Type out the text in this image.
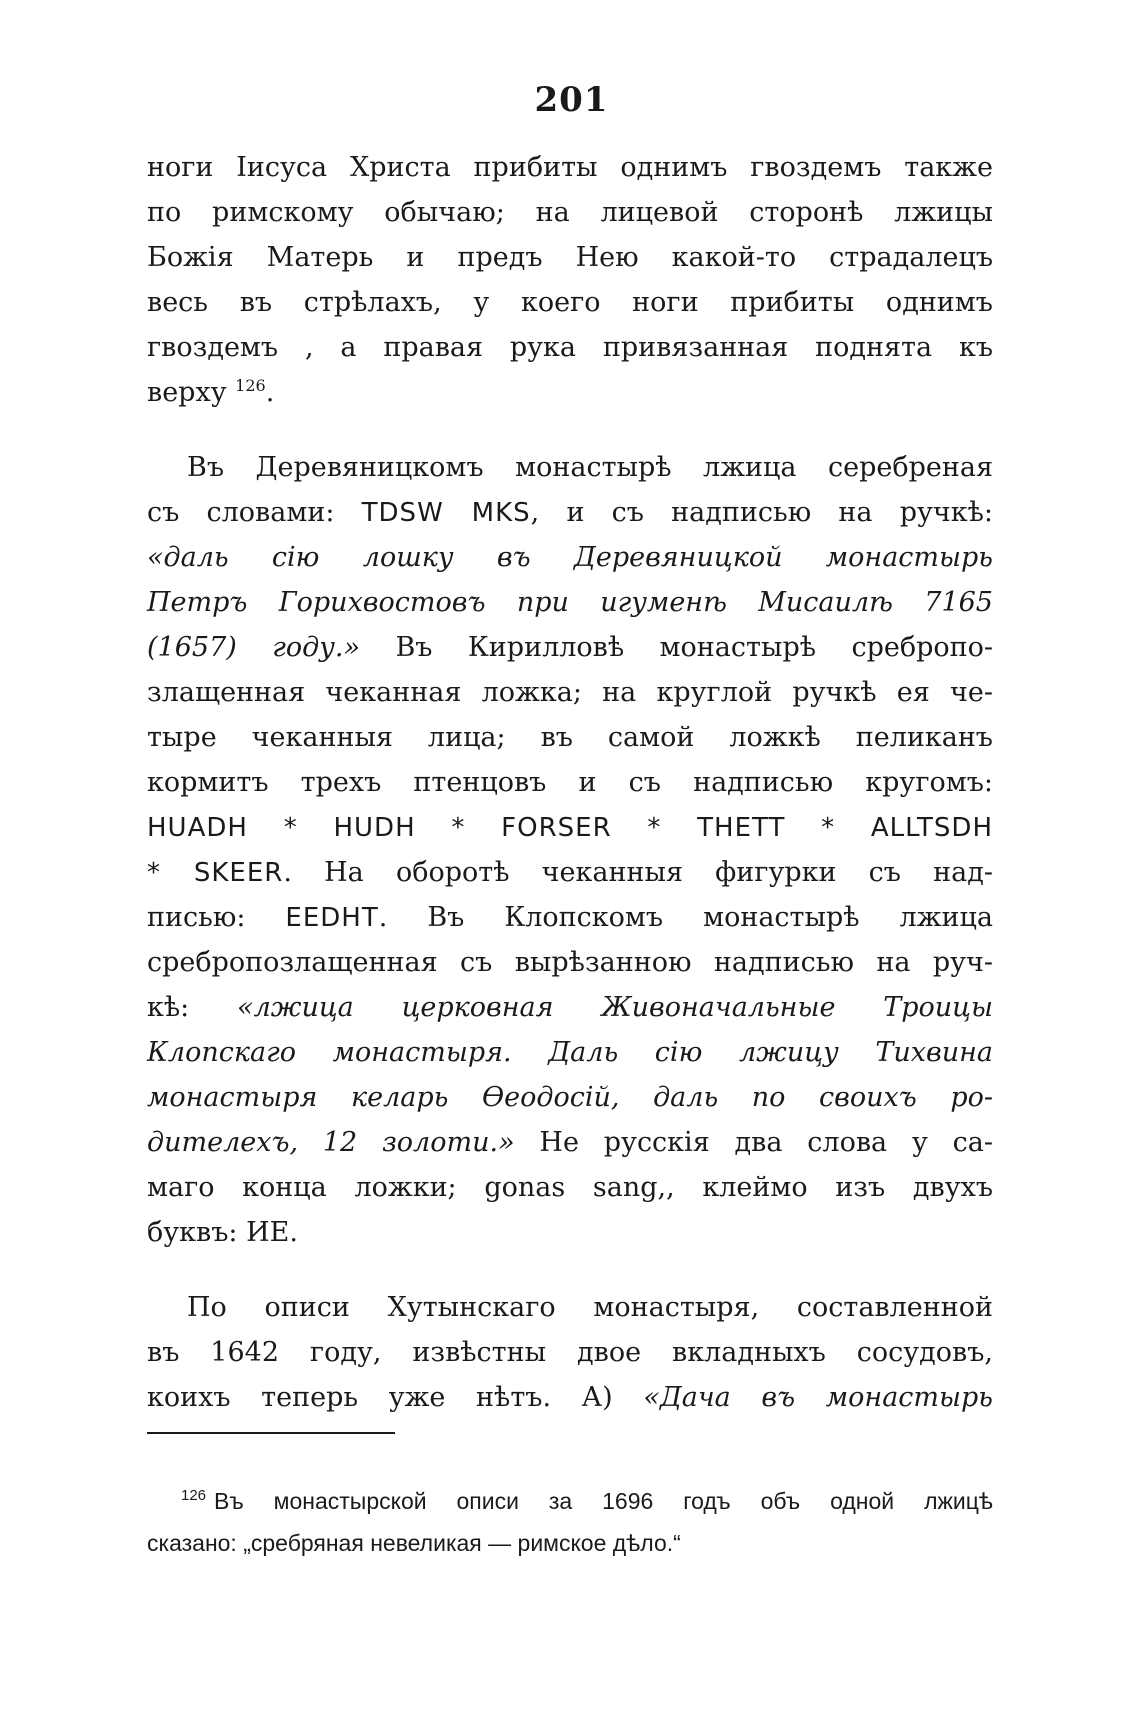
201
ноги Іисуса Христа прибиты однимъ гвоздемъ также
по римскому обычаю; на лицевой сторонѣ лжицы
Божія Матерь и предъ Нею какой-то страдалецъ
весь въ стрѣлахъ, у коего ноги прибиты однимъ
гвоздемъ , а правая рука привязанная поднята къ
верху $^{126}$.
Въ Деревяницкомъ монастырѣ лжица серебреная
съ словами: TDSW MKS, и съ надписью на ручкѣ:
«даль сію лошку въ Деревяницкой монастырь
Петръ Горихвостовъ при игуменѣ Мисаилѣ 7165
(1657) году.» Въ Кирилловѣ монастырѣ сребропо-
злащенная чеканная ложка; на круглой ручкѣ ея че-
тыре чеканныя лица; въ самой ложкѣ пеликанъ
кормитъ трехъ птенцовъ и съ надписью кругомъ:
HUADH * HUDH * FORSER * THETT * ALLTSDH
* SKEER. На оборотѣ чеканныя фигурки съ над-
писью: EEDHT. Въ Клопскомъ монастырѣ лжица
сребропозлащенная съ вырѣзанною надписью на руч-
кѣ: «лжица церковная Живоначальные Троицы
Клопскаго монастыря. Даль сію лжицу Тихвина
монастыря келарь Өеодосій, даль по своихъ ро-
дителехъ, 12 золоти.» Не русскія два слова у са-
маго конца ложки; gonas sang,, клеймо изъ двухъ
буквъ: ИЕ.
По описи Хутынскаго монастыря, составленной
въ 1642 году, извѣстны двое вкладныхъ сосудовъ,
коихъ теперь уже нѣтъ. А) «Дача въ монастырь
$^{126}$ Въ монастырской описи за 1696 годъ объ одной лжицѣ
сказано: „сребряная невеликая — римское дѣло.“
